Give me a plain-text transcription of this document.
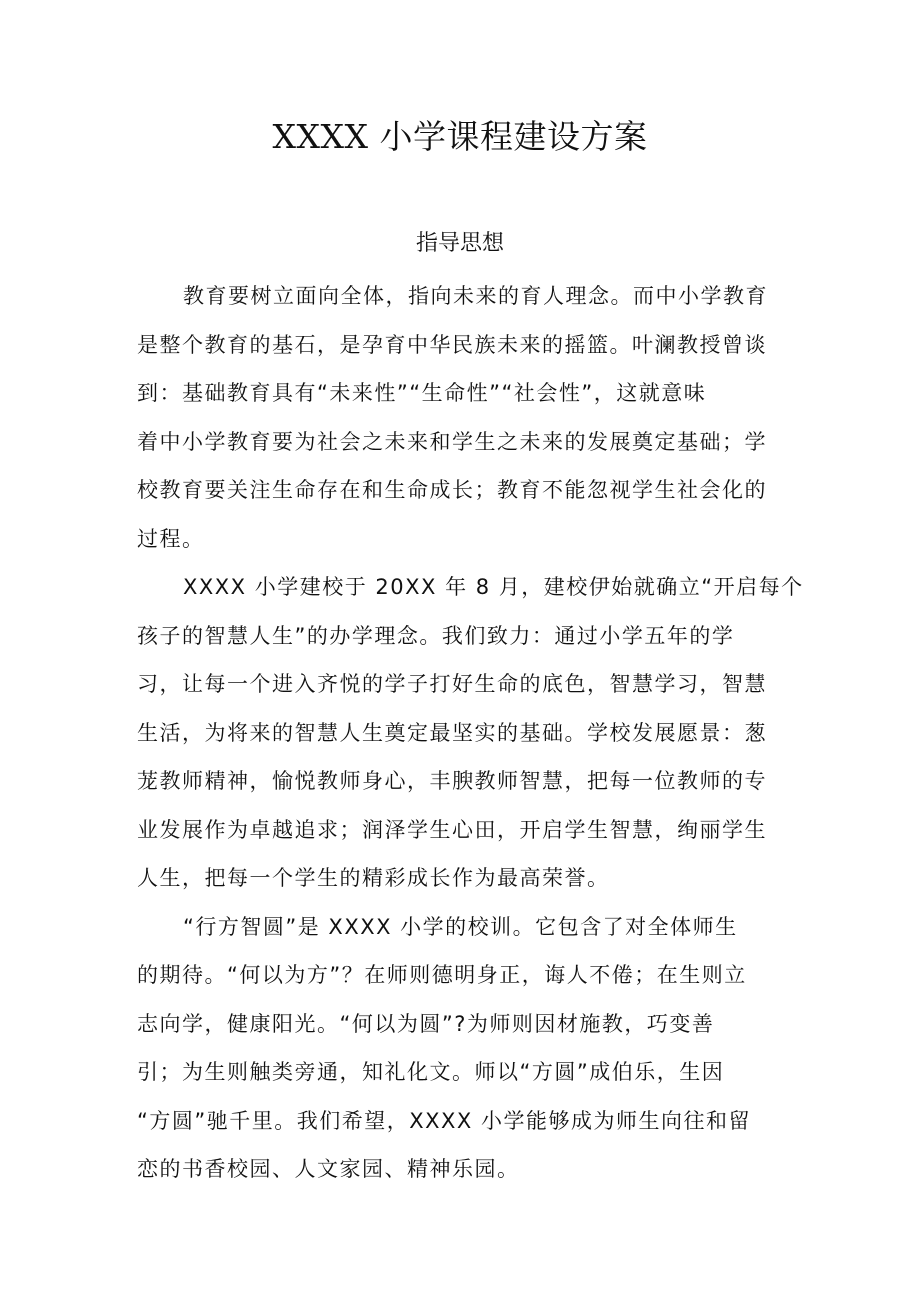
XXXX 小学课程建设方案
指导思想

教育要树立面向全体，指向未来的育人理念。而中小学教育
是整个教育的基石，是孕育中华民族未来的摇篮。叶澜教授曾谈
到：基础教育具有“未来性”“生命性”“社会性”，这就意味
着中小学教育要为社会之未来和学生之未来的发展奠定基础；学
校教育要关注生命存在和生命成长；教育不能忽视学生社会化的
过程。

XXXX 小学建校于 20XX 年 8 月，建校伊始就确立“开启每个
孩子的智慧人生”的办学理念。我们致力：通过小学五年的学
习，让每一个进入齐悦的学子打好生命的底色，智慧学习，智慧
生活，为将来的智慧人生奠定最坚实的基础。学校发展愿景：葱
茏教师精神，愉悦教师身心，丰腴教师智慧，把每一位教师的专
业发展作为卓越追求；润泽学生心田，开启学生智慧，绚丽学生
人生，把每一个学生的精彩成长作为最高荣誉。

“行方智圆”是 XXXX 小学的校训。它包含了对全体师生
的期待。“何以为方”？在师则德明身正，诲人不倦；在生则立
志向学，健康阳光。“何以为圆”?为师则因材施教，巧变善
引；为生则触类旁通，知礼化文。师以“方圆”成伯乐，生因
“方圆”驰千里。我们希望，XXXX 小学能够成为师生向往和留
恋的书香校园、人文家园、精神乐园。
